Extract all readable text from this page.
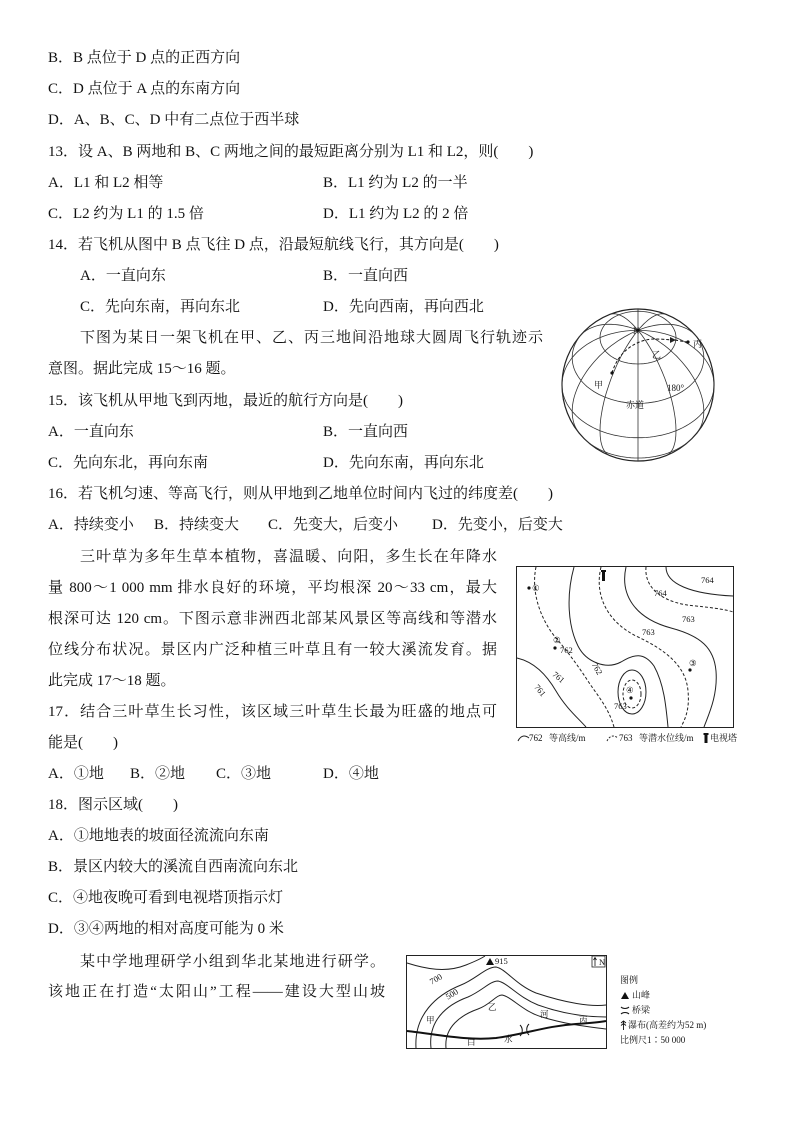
B．B 点位于 D 点的正西方向
C．D 点位于 A 点的东南方向
D．A、B、C、D 中有二点位于西半球
13．设 A、B 两地和 B、C 两地之间的最短距离分别为 L1 和 L2，则(　　)
A．L1 和 L2 相等	B．L1 约为 L2 的一半
C．L2 约为 L1 的 1.5 倍	D．L1 约为 L2 的 2 倍
14．若飞机从图中 B 点飞往 D 点，沿最短航线飞行，其方向是(　　)
A．一直向东	B．一直向西
C．先向东南，再向东北	D．先向西南，再向西北
下图为某日一架飞机在甲、乙、丙三地间沿地球大圆周飞行轨迹示
意图。据此完成 15～16 题。
N
乙
丙
甲	180°
赤道
15．该飞机从甲地飞到丙地，最近的航行方向是(　　)
A．一直向东	B．一直向西
C．先向东北，再向东南	D．先向东南，再向东北
16．若飞机匀速、等高飞行，则从甲地到乙地单位时间内飞过的纬度差(　　)
A．持续变小 B．持续变大 C．先变大，后变小 D．先变小，后变大
三叶草为多年生草本植物，喜温暖、向阳，多生长在年降水
量 800～1 000 mm 排水良好的环境，平均根深 20～33 cm，最大
根深可达 120 cm。下图示意非洲西北部某风景区等高线和等潜水
位线分布状况。景区内广泛种植三叶草且有一较大溪流发育。据
此完成 17～18 题。
①
②
③
④
764
764
763
763
763
762
762
761
761
762 等高线/m	763 等潜水位线/m 电视塔
17．结合三叶草生长习性，该区域三叶草生长最为旺盛的地点可
能是(　　)
A．①地 B．②地 C．③地	D．④地
18．图示区域(　　)
A．①地地表的坡面径流流向东南
B．景区内较大的溪流自西南流向东北
C．④地夜晚可看到电视塔顶指示灯
D．③④两地的相对高度可能为 0 米
某中学地理研学小组到华北某地进行研学。
该地正在打造“太阳山”工程——建设大型山坡
N
915
700
500
甲
乙
丙
河
白	水
图例
山峰
桥梁
瀑布(高差约为52 m)
比例尺1∶50 000
